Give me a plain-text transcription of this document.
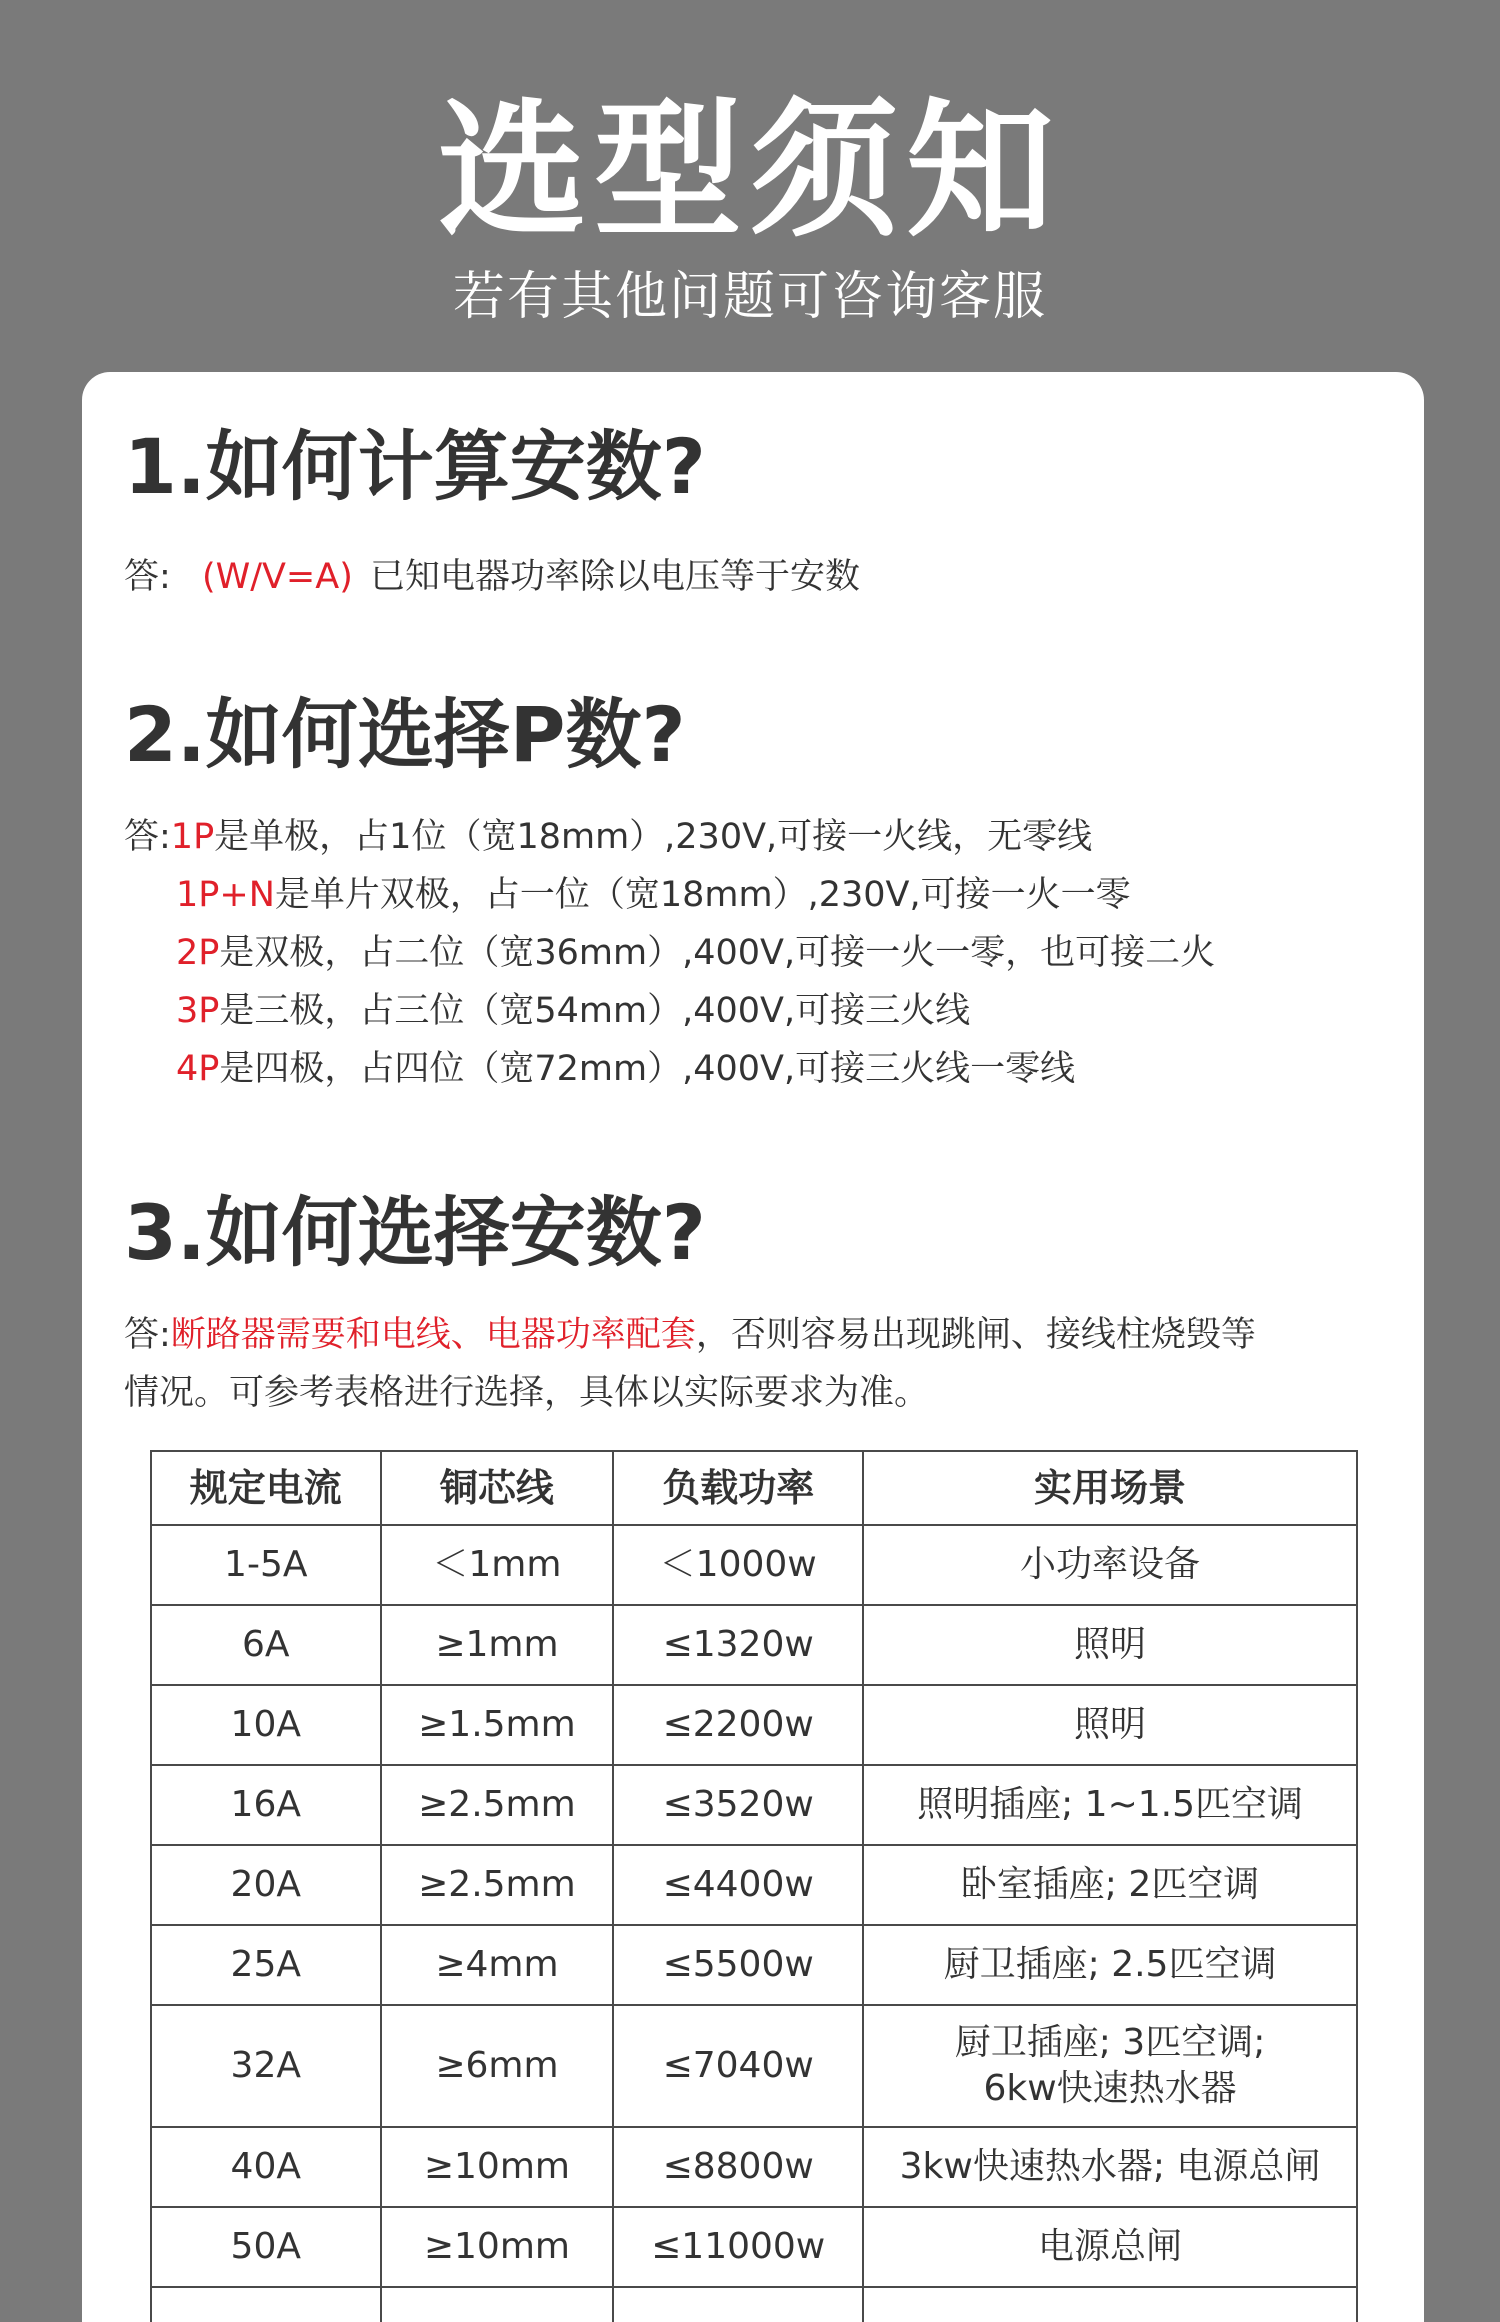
选型须知
若有其他问题可咨询客服
1.如何计算安数?
答: (W/V=A) 已知电器功率除以电压等于安数
2.如何选择P数?
答:1P是单极，占1位（宽18mm）,230V,可接一火线，无零线
1P+N是单片双极，占一位（宽18mm）,230V,可接一火一零
2P是双极，占二位（宽36mm）,400V,可接一火一零，也可接二火
3P是三极，占三位（宽54mm）,400V,可接三火线
4P是四极，占四位（宽72mm）,400V,可接三火线一零线
3.如何选择安数?
答:断路器需要和电线、电器功率配套，否则容易出现跳闸、接线柱烧毁等
情况。可参考表格进行选择，具体以实际要求为准。
规定电流	铜芯线	负载功率	实用场景
1-5A	＜1mm	＜1000w	小功率设备
6A	≥1mm	≤1320w	照明
10A	≥1.5mm	≤2200w	照明
16A	≥2.5mm	≤3520w	照明插座; 1~1.5匹空调
20A	≥2.5mm	≤4400w	卧室插座; 2匹空调
25A	≥4mm	≤5500w	厨卫插座; 2.5匹空调
32A	≥6mm	≤7040w	厨卫插座; 3匹空调;
6kw快速热水器

40A	≥10mm	≤8800w	3kw快速热水器; 电源总闸
50A	≥10mm	≤11000w	电源总闸
